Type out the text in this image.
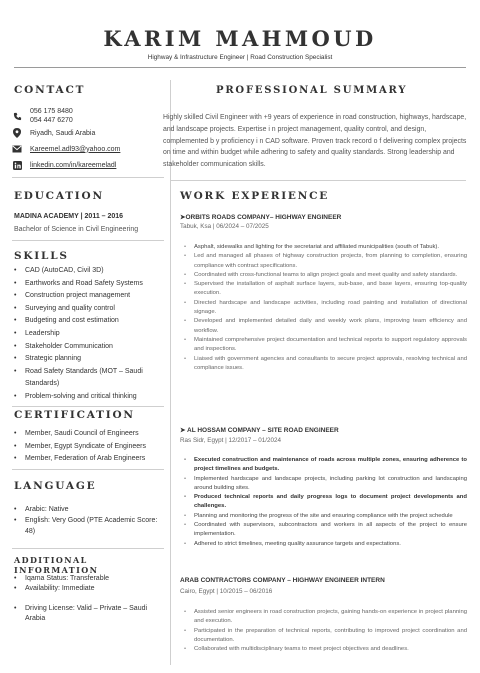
KARIM MAHMOUD
Highway & Infrastructure Engineer | Road Construction Specialist
CONTACT
056 175 8480
054 447 6270
Riyadh, Saudi Arabia
Kareemel.adl93@yahoo.com
linkedin.com/in/kareemeladl
EDUCATION
MADINA ACADEMY | 2011 – 2016
Bachelor of Science in Civil Engineering
SKILLS
• CAD (AutoCAD, Civil 3D)
• Earthworks and Road Safety Systems
• Construction project management
• Surveying and quality control
• Budgeting and cost estimation
• Leadership
• Stakeholder Communication
• Strategic planning
• Road Safety Standards (MOT – Saudi Standards)
• Problem-solving and critical thinking
CERTIFICATION
• Member, Saudi Council of Engineers
• Member, Egypt Syndicate of Engineers
• Member, Federation of Arab Engineers
LANGUAGE
• Arabic: Native
• English: Very Good (PTE Academic Score: 48)
ADDITIONAL INFORMATION
• Iqama Status: Transferable
• Availability: Immediate
• Driving License: Valid – Private – Saudi Arabia
PROFESSIONAL SUMMARY
Highly skilled Civil Engineer with +9 years of experience in road construction, highways, hardscape, and landscape projects. Expertise i n project management, quality control, and design, complemented b y proficiency i n CAD software. Proven track record o f delivering complex projects on time and within budget while adhering to safety and quality standards. Strong leadership and stakeholder communication skills.
WORK EXPERIENCE
➤ORBITS ROADS COMPANY– HIGHWAY ENGINEER
Tabuk, Ksa | 06/2024 – 07/2025
• Asphalt, sidewalks and lighting for the secretariat and affiliated municipalities (south of Tabuk).
• Led and managed all phases of highway construction projects, from planning to completion, ensuring compliance with contract specifications.
• Coordinated with cross-functional teams to align project goals and meet quality and safety standards.
• Supervised the installation of asphalt surface layers, sub-base, and base layers, ensuring top-quality execution.
• Directed hardscape and landscape activities, including road painting and installation of directional signage.
• Developed and implemented detailed daily and weekly work plans, improving team efficiency and workflow.
• Maintained comprehensive project documentation and technical reports to support regulatory approvals and inspections.
• Liaised with government agencies and consultants to secure project approvals, resolving technical and compliance issues.
➤ AL HOSSAM COMPANY – SITE ROAD ENGINEER
Ras Sidr, Egypt | 12/2017 – 01/2024
• Executed construction and maintenance of roads across multiple zones, ensuring adherence to project timelines and budgets.
• Implemented hardscape and landscape projects, including parking lot construction and landscaping around building sites.
• Produced technical reports and daily progress logs to document project developments and challenges.
• Planning and monitoring the progress of the site and ensuring compliance with the project schedule
• Coordinated with supervisors, subcontractors and workers in all aspects of the project to ensure implementation.
• Adhered to strict timelines, meeting quality assurance targets and expectations.
ARAB CONTRACTORS COMPANY – HIGHWAY ENGINEER INTERN
Cairo, Egypt | 10/2015 – 06/2016
• Assisted senior engineers in road construction projects, gaining hands-on experience in project planning and execution.
• Participated in the preparation of technical reports, contributing to improved project coordination and documentation.
• Collaborated with multidisciplinary teams to meet project objectives and deadlines.
